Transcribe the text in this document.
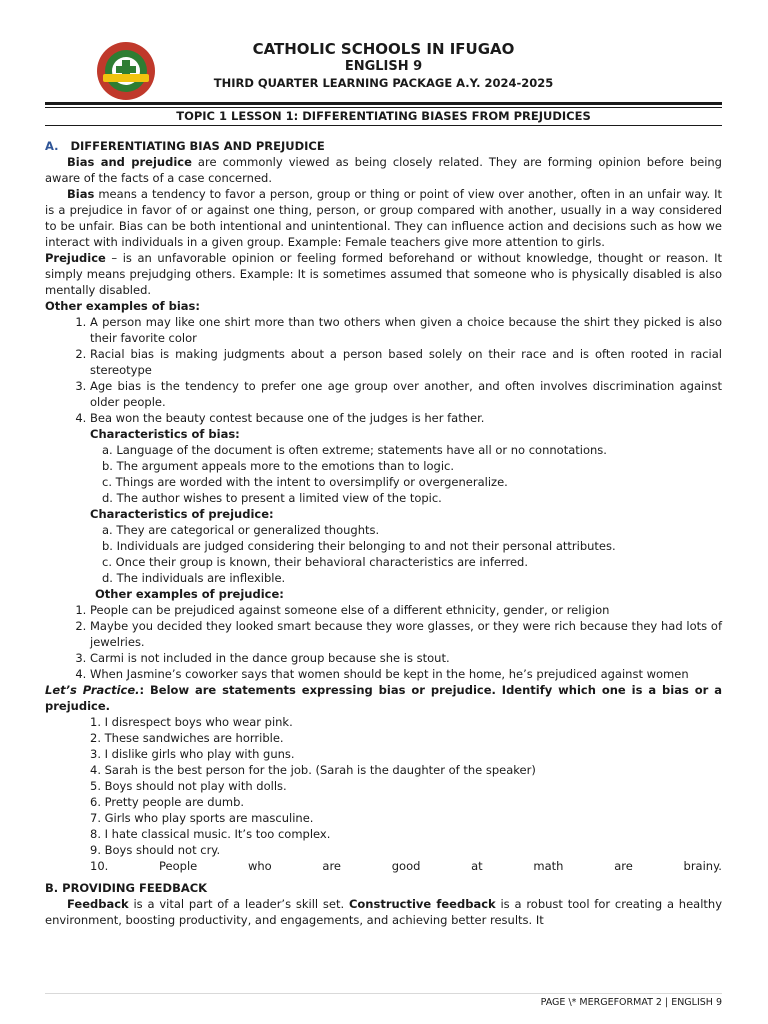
CATHOLIC SCHOOLS IN IFUGAO
ENGLISH 9
THIRD QUARTER LEARNING PACKAGE A.Y. 2024-2025
TOPIC 1 LESSON 1: DIFFERENTIATING BIASES FROM PREJUDICES
A. DIFFERENTIATING BIAS AND PREJUDICE

Bias and prejudice are commonly viewed as being closely related. They are forming opinion before being aware of the facts of a case concerned.

Bias means a tendency to favor a person, group or thing or point of view over another, often in an unfair way. It is a prejudice in favor of or against one thing, person, or group compared with another, usually in a way considered to be unfair. Bias can be both intentional and unintentional. They can influence action and decisions such as how we interact with individuals in a given group. Example: Female teachers give more attention to girls.

Prejudice – is an unfavorable opinion or feeling formed beforehand or without knowledge, thought or reason. It simply means prejudging others. Example: It is sometimes assumed that someone who is physically disabled is also mentally disabled.

Other examples of bias:
1. A person may like one shirt more than two others when given a choice because the shirt they picked is also their favorite color
2. Racial bias is making judgments about a person based solely on their race and is often rooted in racial stereotype
3. Age bias is the tendency to prefer one age group over another, and often involves discrimination against older people.
4. Bea won the beauty contest because one of the judges is her father.
Characteristics of bias:
a. Language of the document is often extreme; statements have all or no connotations.
b. The argument appeals more to the emotions than to logic.
c. Things are worded with the intent to oversimplify or overgeneralize.
d. The author wishes to present a limited view of the topic.
Characteristics of prejudice:
a. They are categorical or generalized thoughts.
b. Individuals are judged considering their belonging to and not their personal attributes.
c. Once their group is known, their behavioral characteristics are inferred.
d. The individuals are inflexible.
Other examples of prejudice:
1. People can be prejudiced against someone else of a different ethnicity, gender, or religion
2. Maybe you decided they looked smart because they wore glasses, or they were rich because they had lots of jewelries.
3. Carmi is not included in the dance group because she is stout.
4. When Jasmine’s coworker says that women should be kept in the home, he’s prejudiced against women

Let’s Practice.: Below are statements expressing bias or prejudice. Identify which one is a bias or a prejudice.

1. I disrespect boys who wear pink.
2. These sandwiches are horrible.
3. I dislike girls who play with guns.
4. Sarah is the best person for the job. (Sarah is the daughter of the speaker)
5. Boys should not play with dolls.
6. Pretty people are dumb.
7. Girls who play sports are masculine.
8. I hate classical music. It’s too complex.
9. Boys should not cry.
10.	People	who	are	good	at	math	are	brainy.
B. PROVIDING FEEDBACK

Feedback is a vital part of a leader’s skill set. Constructive feedback is a robust tool for creating a healthy environment, boosting productivity, and engagements, and achieving better results. It

PAGE \* MERGEFORMAT 2 | ENGLISH 9
